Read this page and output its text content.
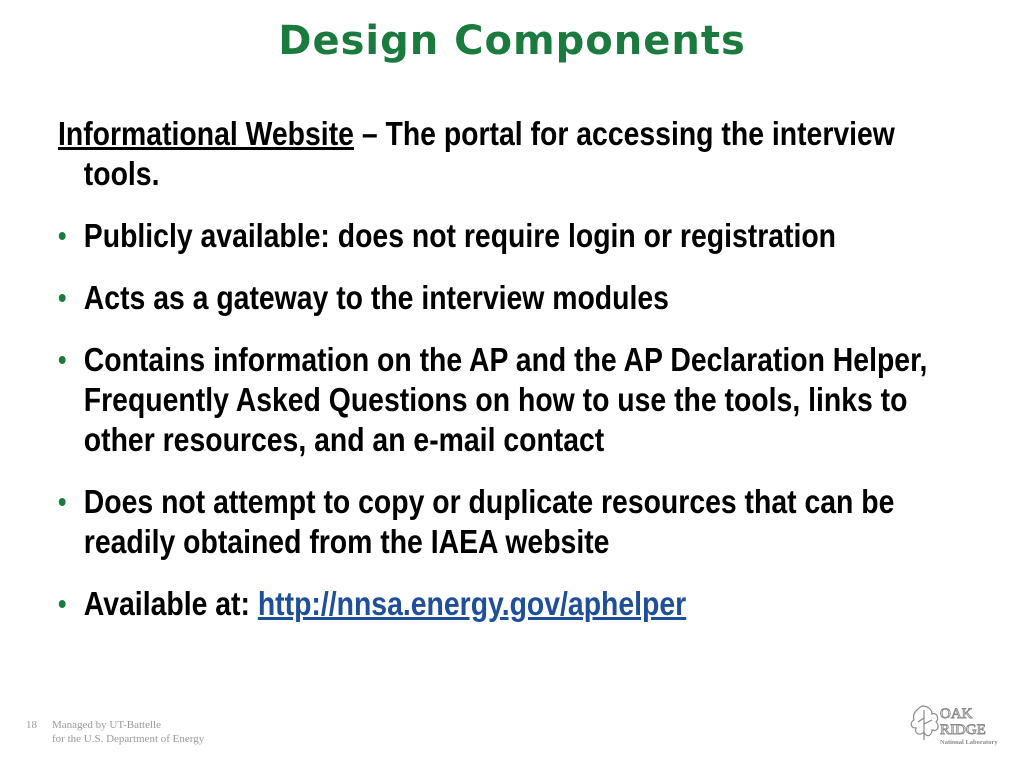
Design Components

Informational Website – The portal for accessing the interview tools.

• Publicly available: does not require login or registration
• Acts as a gateway to the interview modules
• Contains information on the AP and the AP Declaration Helper, Frequently Asked Questions on how to use the tools, links to other resources, and an e-mail contact
• Does not attempt to copy or duplicate resources that can be readily obtained from the IAEA website
• Available at: http://nnsa.energy.gov/aphelper
18 Managed by UT-Battelle
for the U.S. Department of Energy
OAK
RIDGE
National Laboratory
